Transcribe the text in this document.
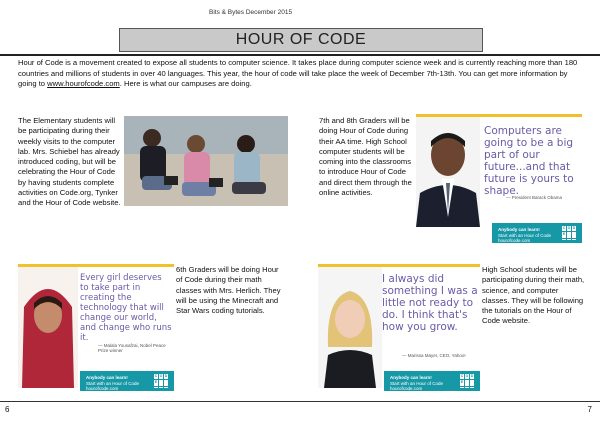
Bits & Bytes December 2015
HOUR OF CODE
Hour of Code is a movement created to expose all students to computer science. It takes place during computer science week and is currently reaching more than 180 countries and millions of students in over 40 languages. This year, the hour of code will take place the week of December 7th-13th. You can get more information by going to www.hourofcode.com. Here is what our campuses are doing.
The Elementary students will be participating during their weekly visits to the computer lab. Mrs. Schiebel has already introduced coding, but will be celebrating the Hour of Code by having students complete activities on Code.org, Tynker and the Hour of Code website.
7th and 8th Graders will be doing Hour of Code during their AA time. High School computer students will be coming into the classrooms to introduce Hour of Code and direct them through the online activities.
Computers are going to be a big part of our future...and that future is yours to shape.
— President Barack Obama
Anybody can learn!
Start with an Hour of Code
hourofcode.com
C O D
E
Every girl deserves to take part in creating the technology that will change our world, and change who runs it.
— Malala Yousafzai, Nobel Peace Prize winner
Anybody can learn!
Start with an Hour of Code
hourofcode.com
C O D
E
6th Graders will be doing Hour of Code during their math classes with Mrs. Herlich. They will be using the Minecraft and Star Wars coding tutorials.
I always did something I was a little not ready to do. I think that's how you grow.
— Marissa Mayer, CEO, Yahoo!
Anybody can learn!
Start with an Hour of Code
hourofcode.com
C O D
E
High School students will be participating during their math, science, and computer classes. They will be following the tutorials on the Hour of Code website.
6	7
